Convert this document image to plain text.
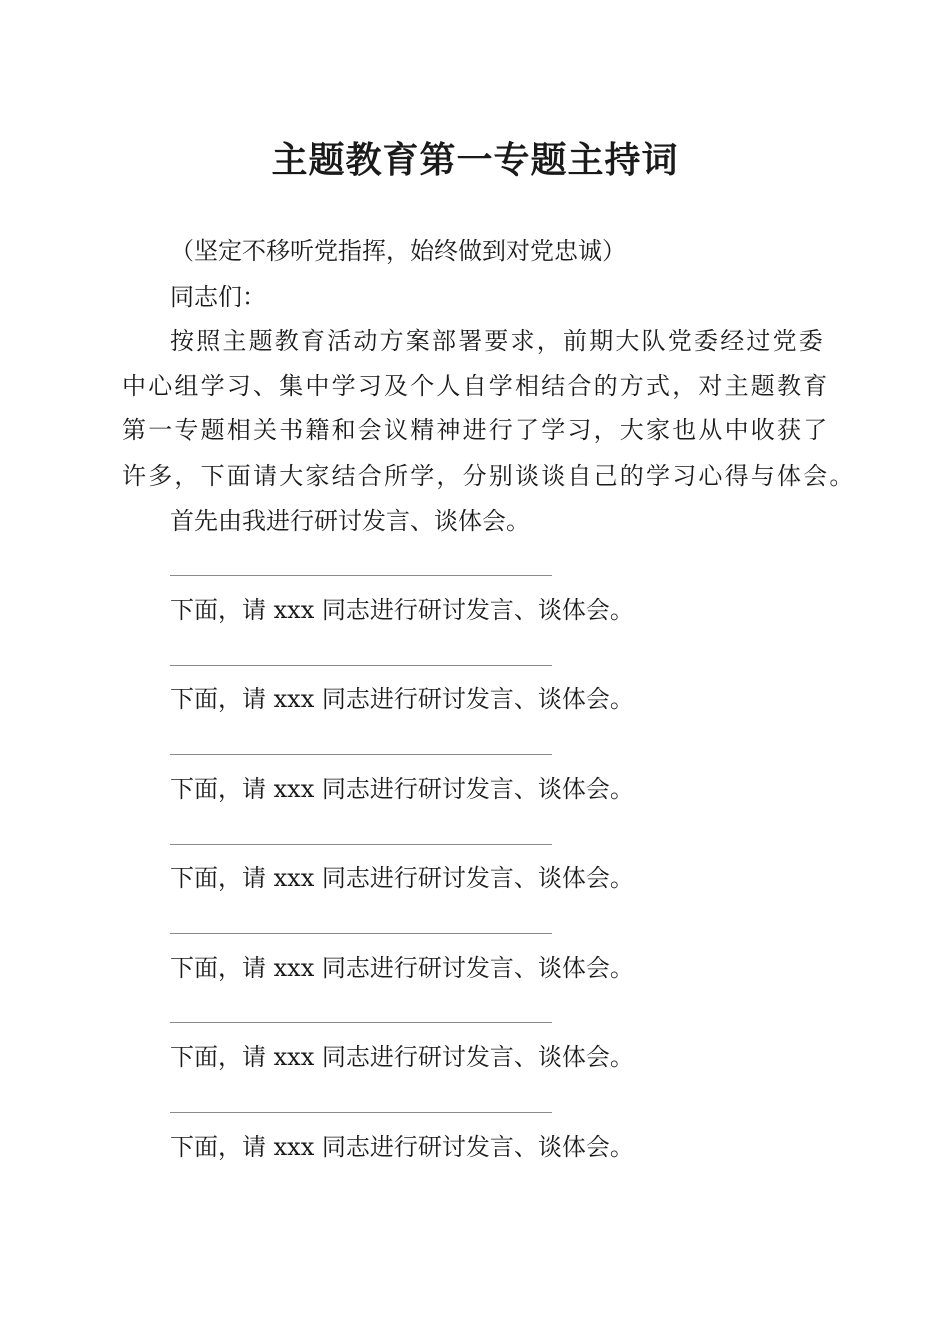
主题教育第一专题主持词
（坚定不移听党指挥，始终做到对党忠诚）
同志们：
按照主题教育活动方案部署要求，前期大队党委经过党委
中心组学习、集中学习及个人自学相结合的方式，对主题教育
第一专题相关书籍和会议精神进行了学习，大家也从中收获了
许多，下面请大家结合所学，分别谈谈自己的学习心得与体会。
首先由我进行研讨发言、谈体会。
下面，请 xxx 同志进行研讨发言、谈体会。
下面，请 xxx 同志进行研讨发言、谈体会。
下面，请 xxx 同志进行研讨发言、谈体会。
下面，请 xxx 同志进行研讨发言、谈体会。
下面，请 xxx 同志进行研讨发言、谈体会。
下面，请 xxx 同志进行研讨发言、谈体会。
下面，请 xxx 同志进行研讨发言、谈体会。
